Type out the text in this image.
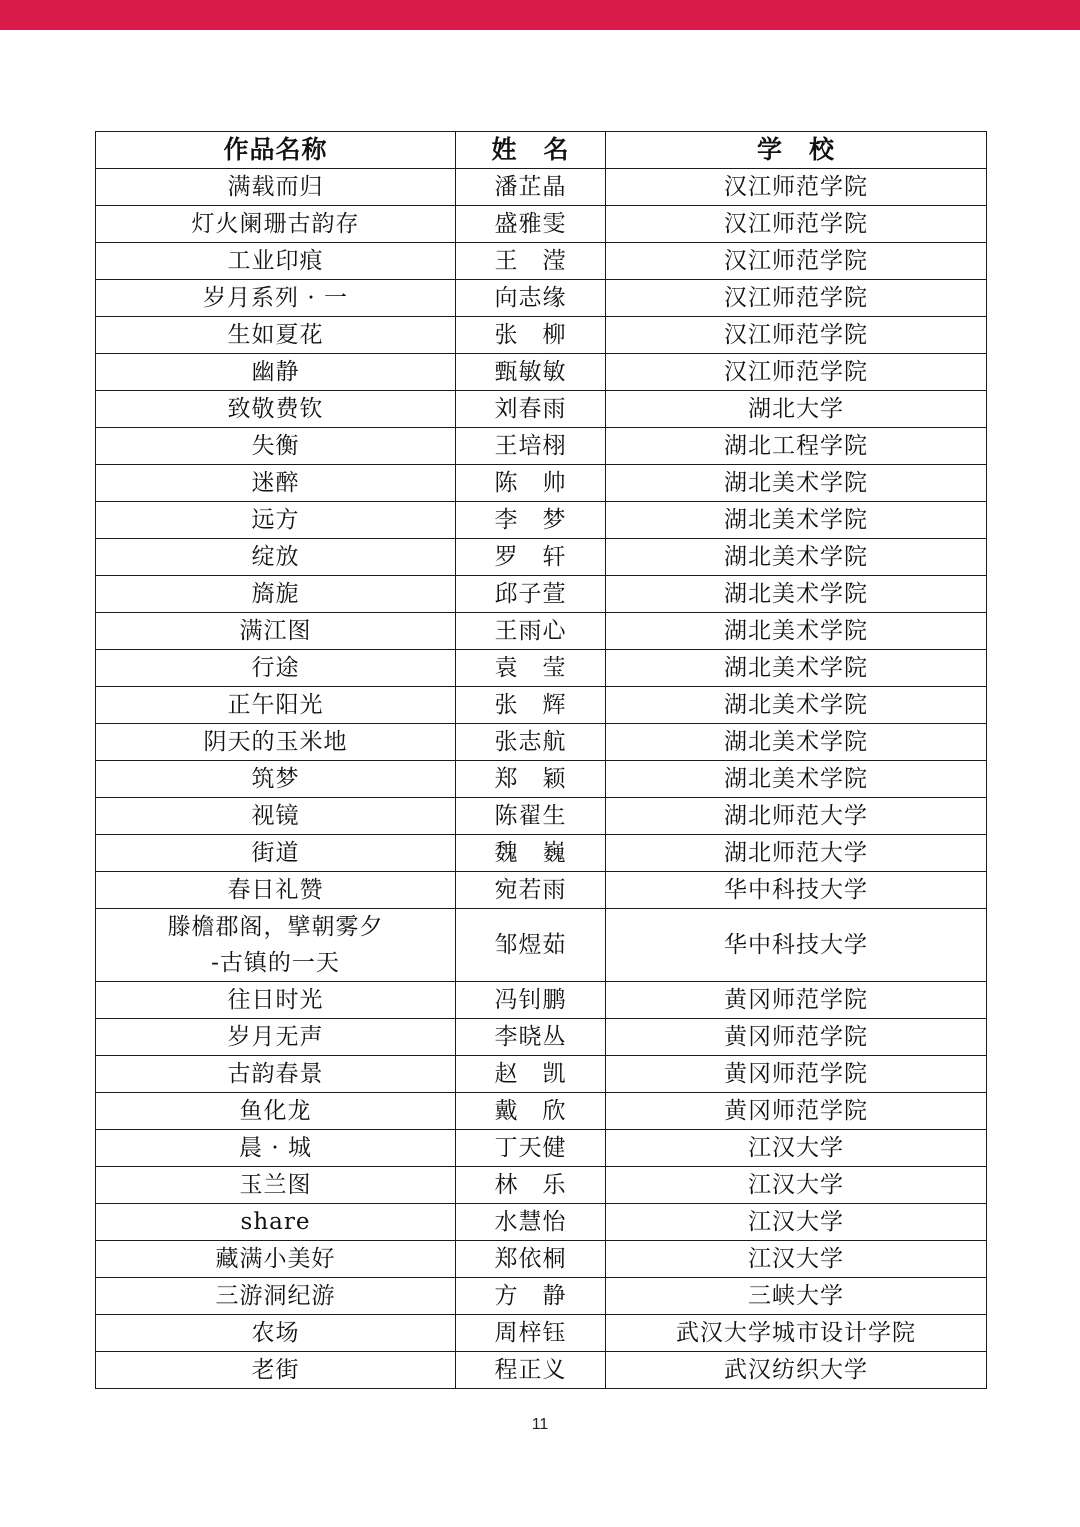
作品名称	姓　名	学　校
满载而归	潘芷晶	汉江师范学院
灯火阑珊古韵存	盛雅雯	汉江师范学院
工业印痕	王　滢	汉江师范学院
岁月系列 · 一	向志缘	汉江师范学院
生如夏花	张　柳	汉江师范学院
幽静	甄敏敏	汉江师范学院
致敬费钦	刘春雨	湖北大学
失衡	王培栩	湖北工程学院
迷醉	陈　帅	湖北美术学院
远方	李　梦	湖北美术学院
绽放	罗　轩	湖北美术学院
旖旎	邱子萱	湖北美术学院
满江图	王雨心	湖北美术学院
行途	袁　莹	湖北美术学院
正午阳光	张　辉	湖北美术学院
阴天的玉米地	张志航	湖北美术学院
筑梦	郑　颖	湖北美术学院
视镜	陈翟生	湖北师范大学
街道	魏　巍	湖北师范大学
春日礼赞	宛若雨	华中科技大学
滕檐郡阁，擘朝雾夕
-古镇的一天	邹煜茹	华中科技大学
往日时光	冯钊鹏	黄冈师范学院
岁月无声	李晓丛	黄冈师范学院
古韵春景	赵　凯	黄冈师范学院
鱼化龙	戴　欣	黄冈师范学院
晨 · 城	丁天健	江汉大学
玉兰图	林　乐	江汉大学
share	水慧怡	江汉大学
藏满小美好	郑依桐	江汉大学
三游洞纪游	方　静	三峡大学
农场	周梓钰	武汉大学城市设计学院
老街	程正义	武汉纺织大学
11
